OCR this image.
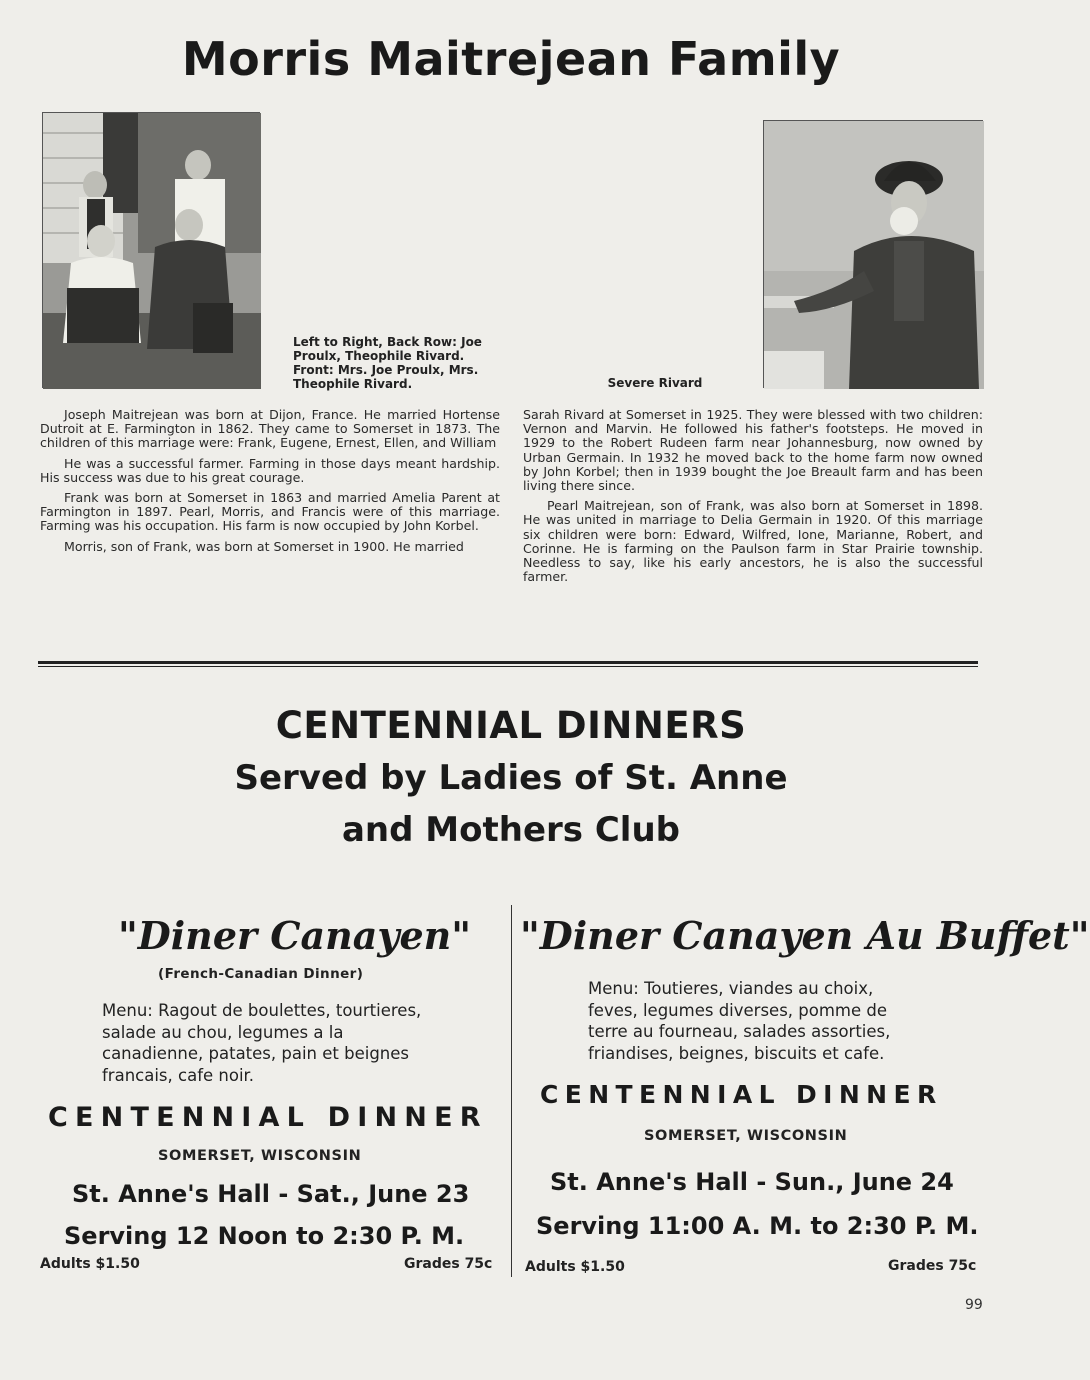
Morris Maitrejean Family
Left to Right, Back Row: Joe Proulx, Theophile Rivard. Front: Mrs. Joe Proulx, Mrs. Theophile Rivard.	Severe Rivard

Joseph Maitrejean was born at Dijon, France. He married Hortense Dutroit at E. Farmington in 1862. They came to Somerset in 1873. The children of this marriage were: Frank, Eugene, Ernest, Ellen, and William

He was a successful farmer. Farming in those days meant hardship. His success was due to his great courage.

Frank was born at Somerset in 1863 and married Amelia Parent at Farmington in 1897. Pearl, Morris, and Francis were of this marriage. Farming was his occupation. His farm is now occupied by John Korbel.

Morris, son of Frank, was born at Somerset in 1900. He married

Sarah Rivard at Somerset in 1925. They were blessed with two children: Vernon and Marvin. He followed his father's footsteps. He moved in 1929 to the Robert Rudeen farm near Johannesburg, now owned by Urban Germain. In 1932 he moved back to the home farm now owned by John Korbel; then in 1939 bought the Joe Breault farm and has been living there since.

Pearl Maitrejean, son of Frank, was also born at Somerset in 1898. He was united in marriage to Delia Germain in 1920. Of this marriage six children were born: Edward, Wilfred, Ione, Marianne, Robert, and Corinne. He is farming on the Paulson farm in Star Prairie township. Needless to say, like his early ancestors, he is also the successful farmer.

CENTENNIAL DINNERS
Served by Ladies of St. Anne
and Mothers Club
"Diner Canayen"
(French-Canadian Dinner)
Menu: Ragout de boulettes, tourtieres, salade au chou, legumes a la canadienne, patates, pain et beignes francais, cafe noir.
CENTENNIAL DINNER
SOMERSET, WISCONSIN
St. Anne's Hall - Sat., June 23
Serving 12 Noon to 2:30 P. M.
Adults $1.50	Grades 75c
"Diner Canayen Au Buffet"
Menu: Toutieres, viandes au choix, feves, legumes diverses, pomme de terre au fourneau, salades assorties, friandises, beignes, biscuits et cafe.
CENTENNIAL DINNER
SOMERSET, WISCONSIN
St. Anne's Hall - Sun., June 24
Serving 11:00 A. M. to 2:30 P. M.
Adults $1.50	Grades 75c
99
